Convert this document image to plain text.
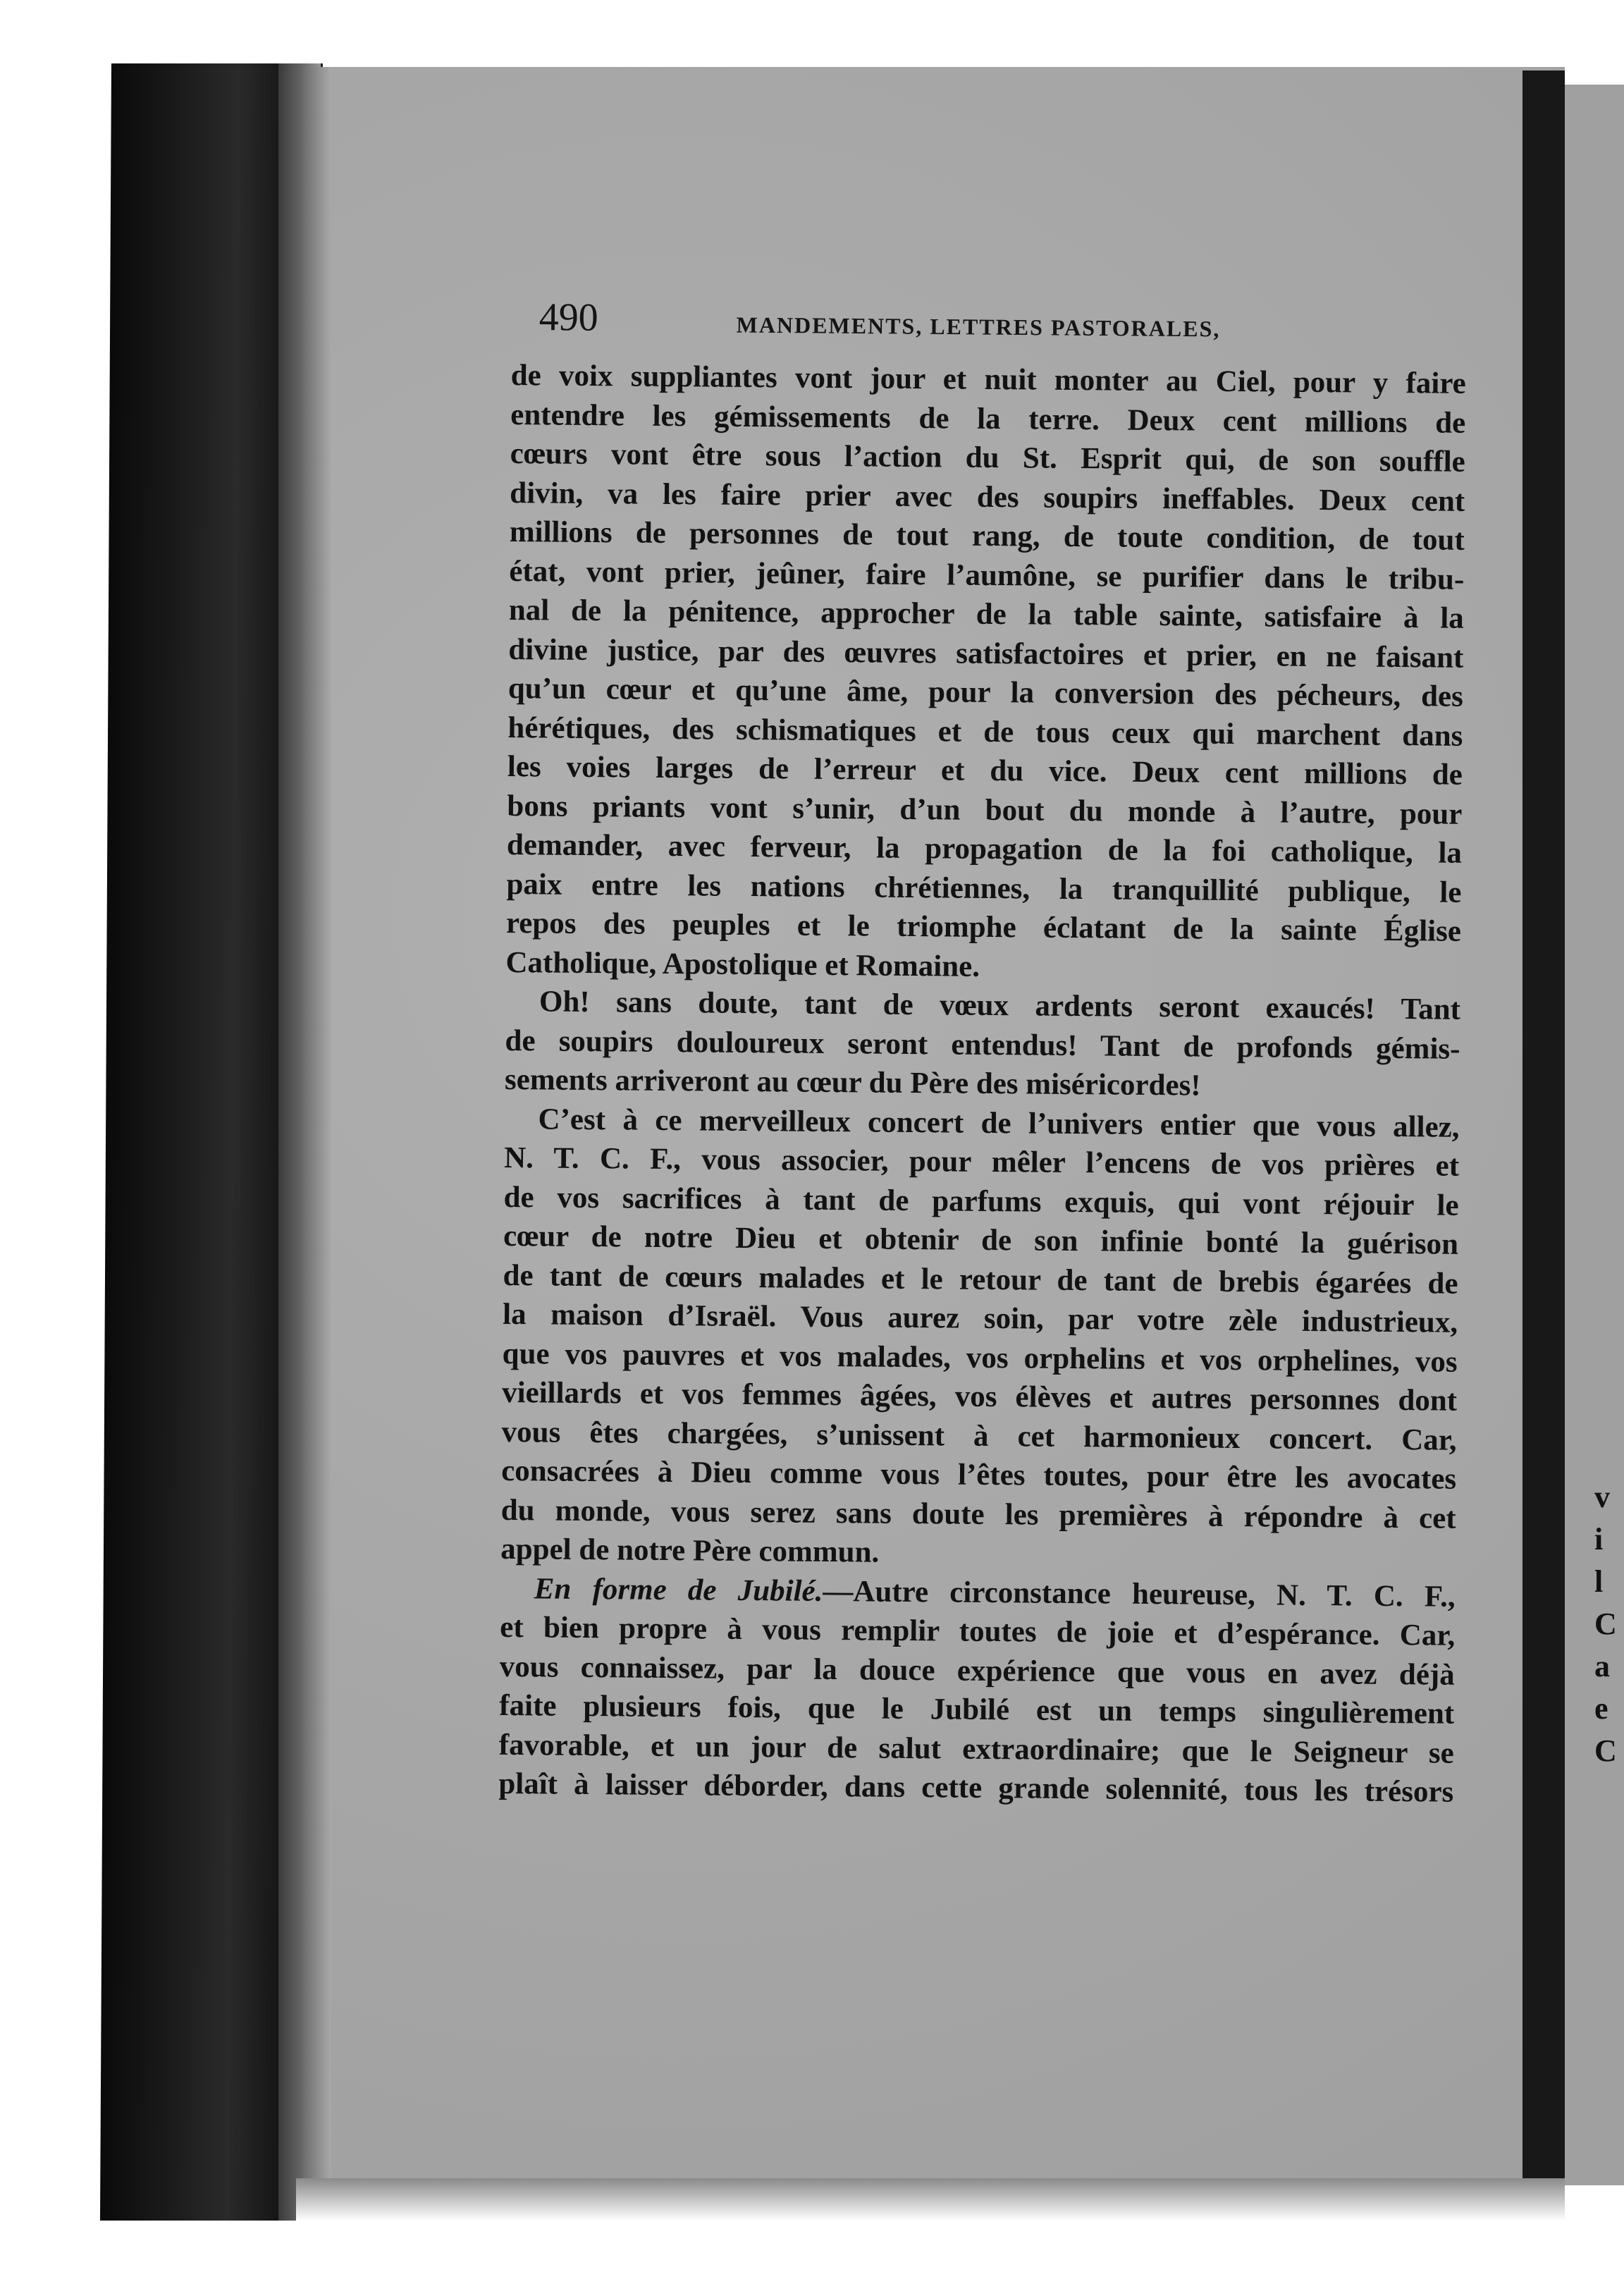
v
i
l
C
a
e
C
490	MANDEMENTS, LETTRES PASTORALES,
de voix suppliantes vont jour et nuit monter au Ciel, pour y faire
entendre les gémissements de la terre. Deux cent millions de
cœurs vont être sous l’action du St. Esprit qui, de son souffle
divin, va les faire prier avec des soupirs ineffables. Deux cent
millions de personnes de tout rang, de toute condition, de tout
état, vont prier, jeûner, faire l’aumône, se purifier dans le tribu-
nal de la pénitence, approcher de la table sainte, satisfaire à la
divine justice, par des œuvres satisfactoires et prier, en ne faisant
qu’un cœur et qu’une âme, pour la conversion des pécheurs, des
hérétiques, des schismatiques et de tous ceux qui marchent dans
les voies larges de l’erreur et du vice. Deux cent millions de
bons priants vont s’unir, d’un bout du monde à l’autre, pour
demander, avec ferveur, la propagation de la foi catholique, la
paix entre les nations chrétiennes, la tranquillité publique, le
repos des peuples et le triomphe éclatant de la sainte Église
Catholique, Apostolique et Romaine.
Oh! sans doute, tant de vœux ardents seront exaucés! Tant
de soupirs douloureux seront entendus! Tant de profonds gémis-
sements arriveront au cœur du Père des miséricordes!
C’est à ce merveilleux concert de l’univers entier que vous allez,
N. T. C. F., vous associer, pour mêler l’encens de vos prières et
de vos sacrifices à tant de parfums exquis, qui vont réjouir le
cœur de notre Dieu et obtenir de son infinie bonté la guérison
de tant de cœurs malades et le retour de tant de brebis égarées de
la maison d’Israël. Vous aurez soin, par votre zèle industrieux,
que vos pauvres et vos malades, vos orphelins et vos orphelines, vos
vieillards et vos femmes âgées, vos élèves et autres personnes dont
vous êtes chargées, s’unissent à cet harmonieux concert. Car,
consacrées à Dieu comme vous l’êtes toutes, pour être les avocates
du monde, vous serez sans doute les premières à répondre à cet
appel de notre Père commun.
En forme de Jubilé.—Autre circonstance heureuse, N. T. C. F.,
et bien propre à vous remplir toutes de joie et d’espérance. Car,
vous connaissez, par la douce expérience que vous en avez déjà
faite plusieurs fois, que le Jubilé est un temps singulièrement
favorable, et un jour de salut extraordinaire; que le Seigneur se
plaît à laisser déborder, dans cette grande solennité, tous les trésors
